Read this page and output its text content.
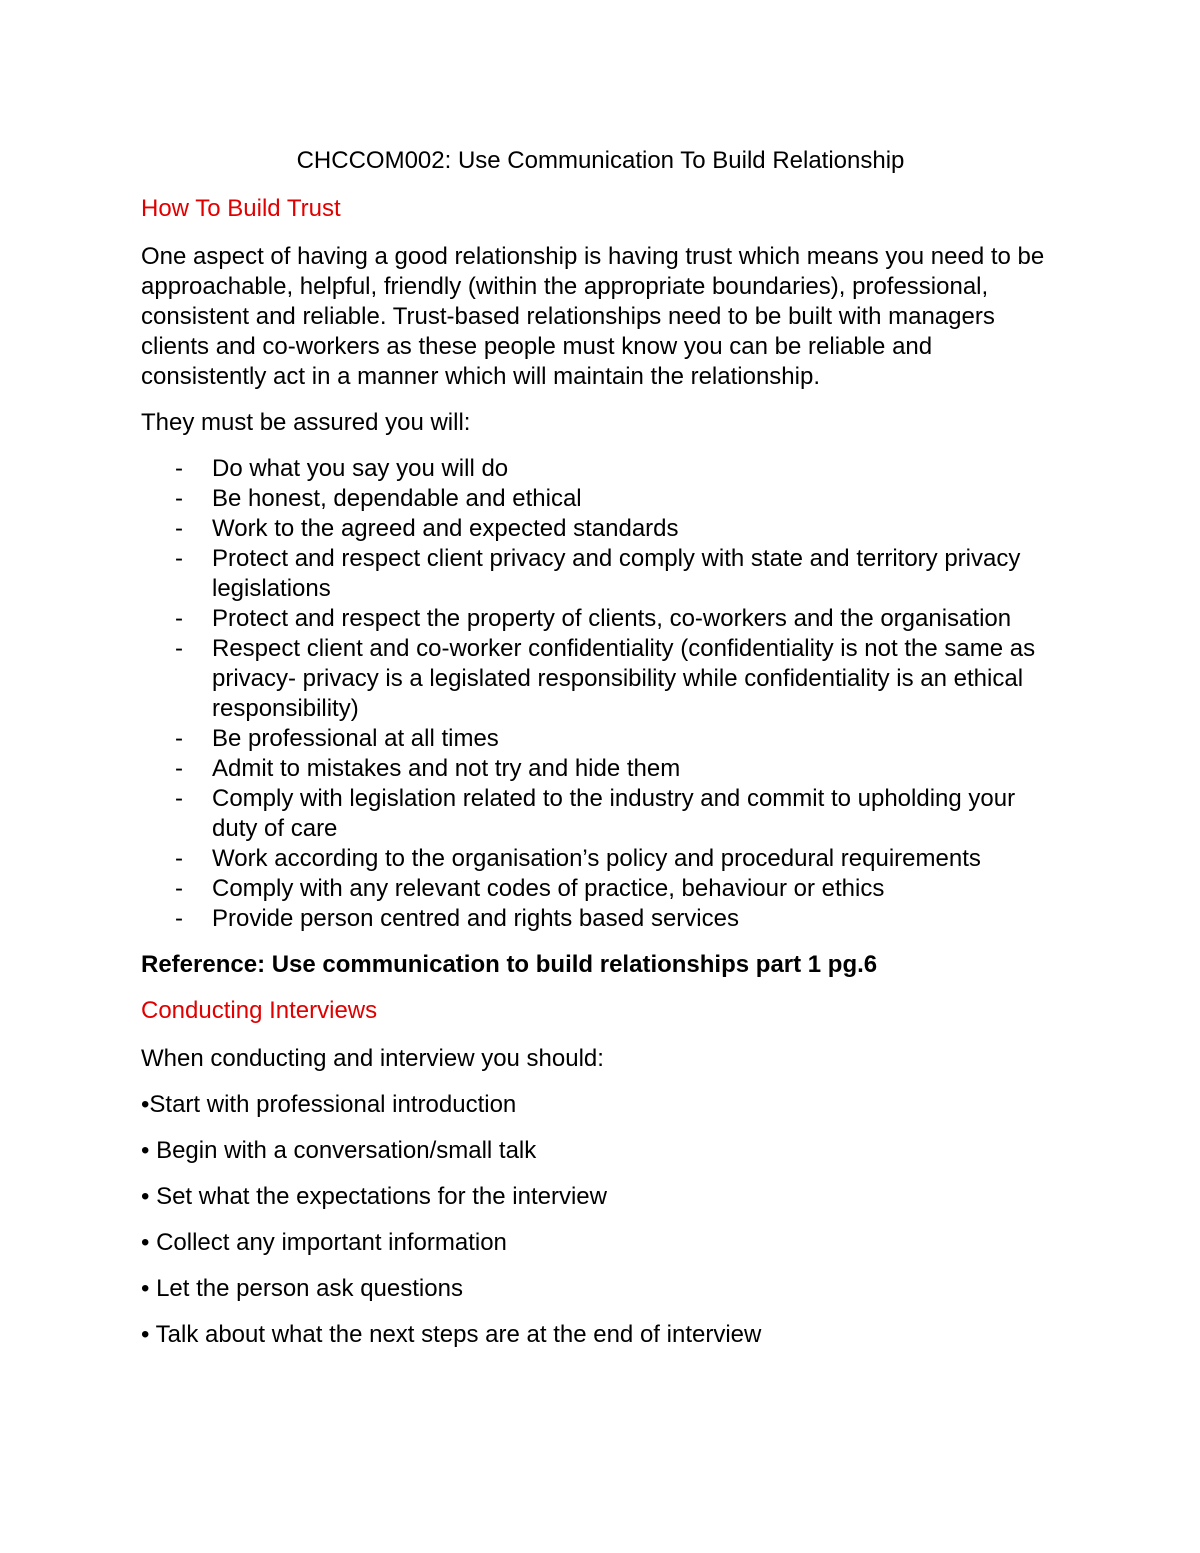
CHCCOM002: Use Communication To Build Relationship
How To Build Trust

One aspect of having a good relationship is having trust which means you need to be approachable, helpful, friendly (within the appropriate boundaries), professional, consistent and reliable. Trust-based relationships need to be built with managers clients and co-workers as these people must know you can be reliable and consistently act in a manner which will maintain the relationship.

They must be assured you will:

- Do what you say you will do
- Be honest, dependable and ethical
- Work to the agreed and expected standards
- Protect and respect client privacy and comply with state and territory privacy legislations
- Protect and respect the property of clients, co-workers and the organisation
- Respect client and co-worker confidentiality (confidentiality is not the same as privacy- privacy is a legislated responsibility while confidentiality is an ethical responsibility)
- Be professional at all times
- Admit to mistakes and not try and hide them
- Comply with legislation related to the industry and commit to upholding your duty of care
- Work according to the organisation’s policy and procedural requirements
- Comply with any relevant codes of practice, behaviour or ethics
- Provide person centred and rights based services

Reference: Use communication to build relationships part 1 pg.6

Conducting Interviews

When conducting and interview you should:

•Start with professional introduction

• Begin with a conversation/small talk

• Set what the expectations for the interview

• Collect any important information

• Let the person ask questions

• Talk about what the next steps are at the end of interview
